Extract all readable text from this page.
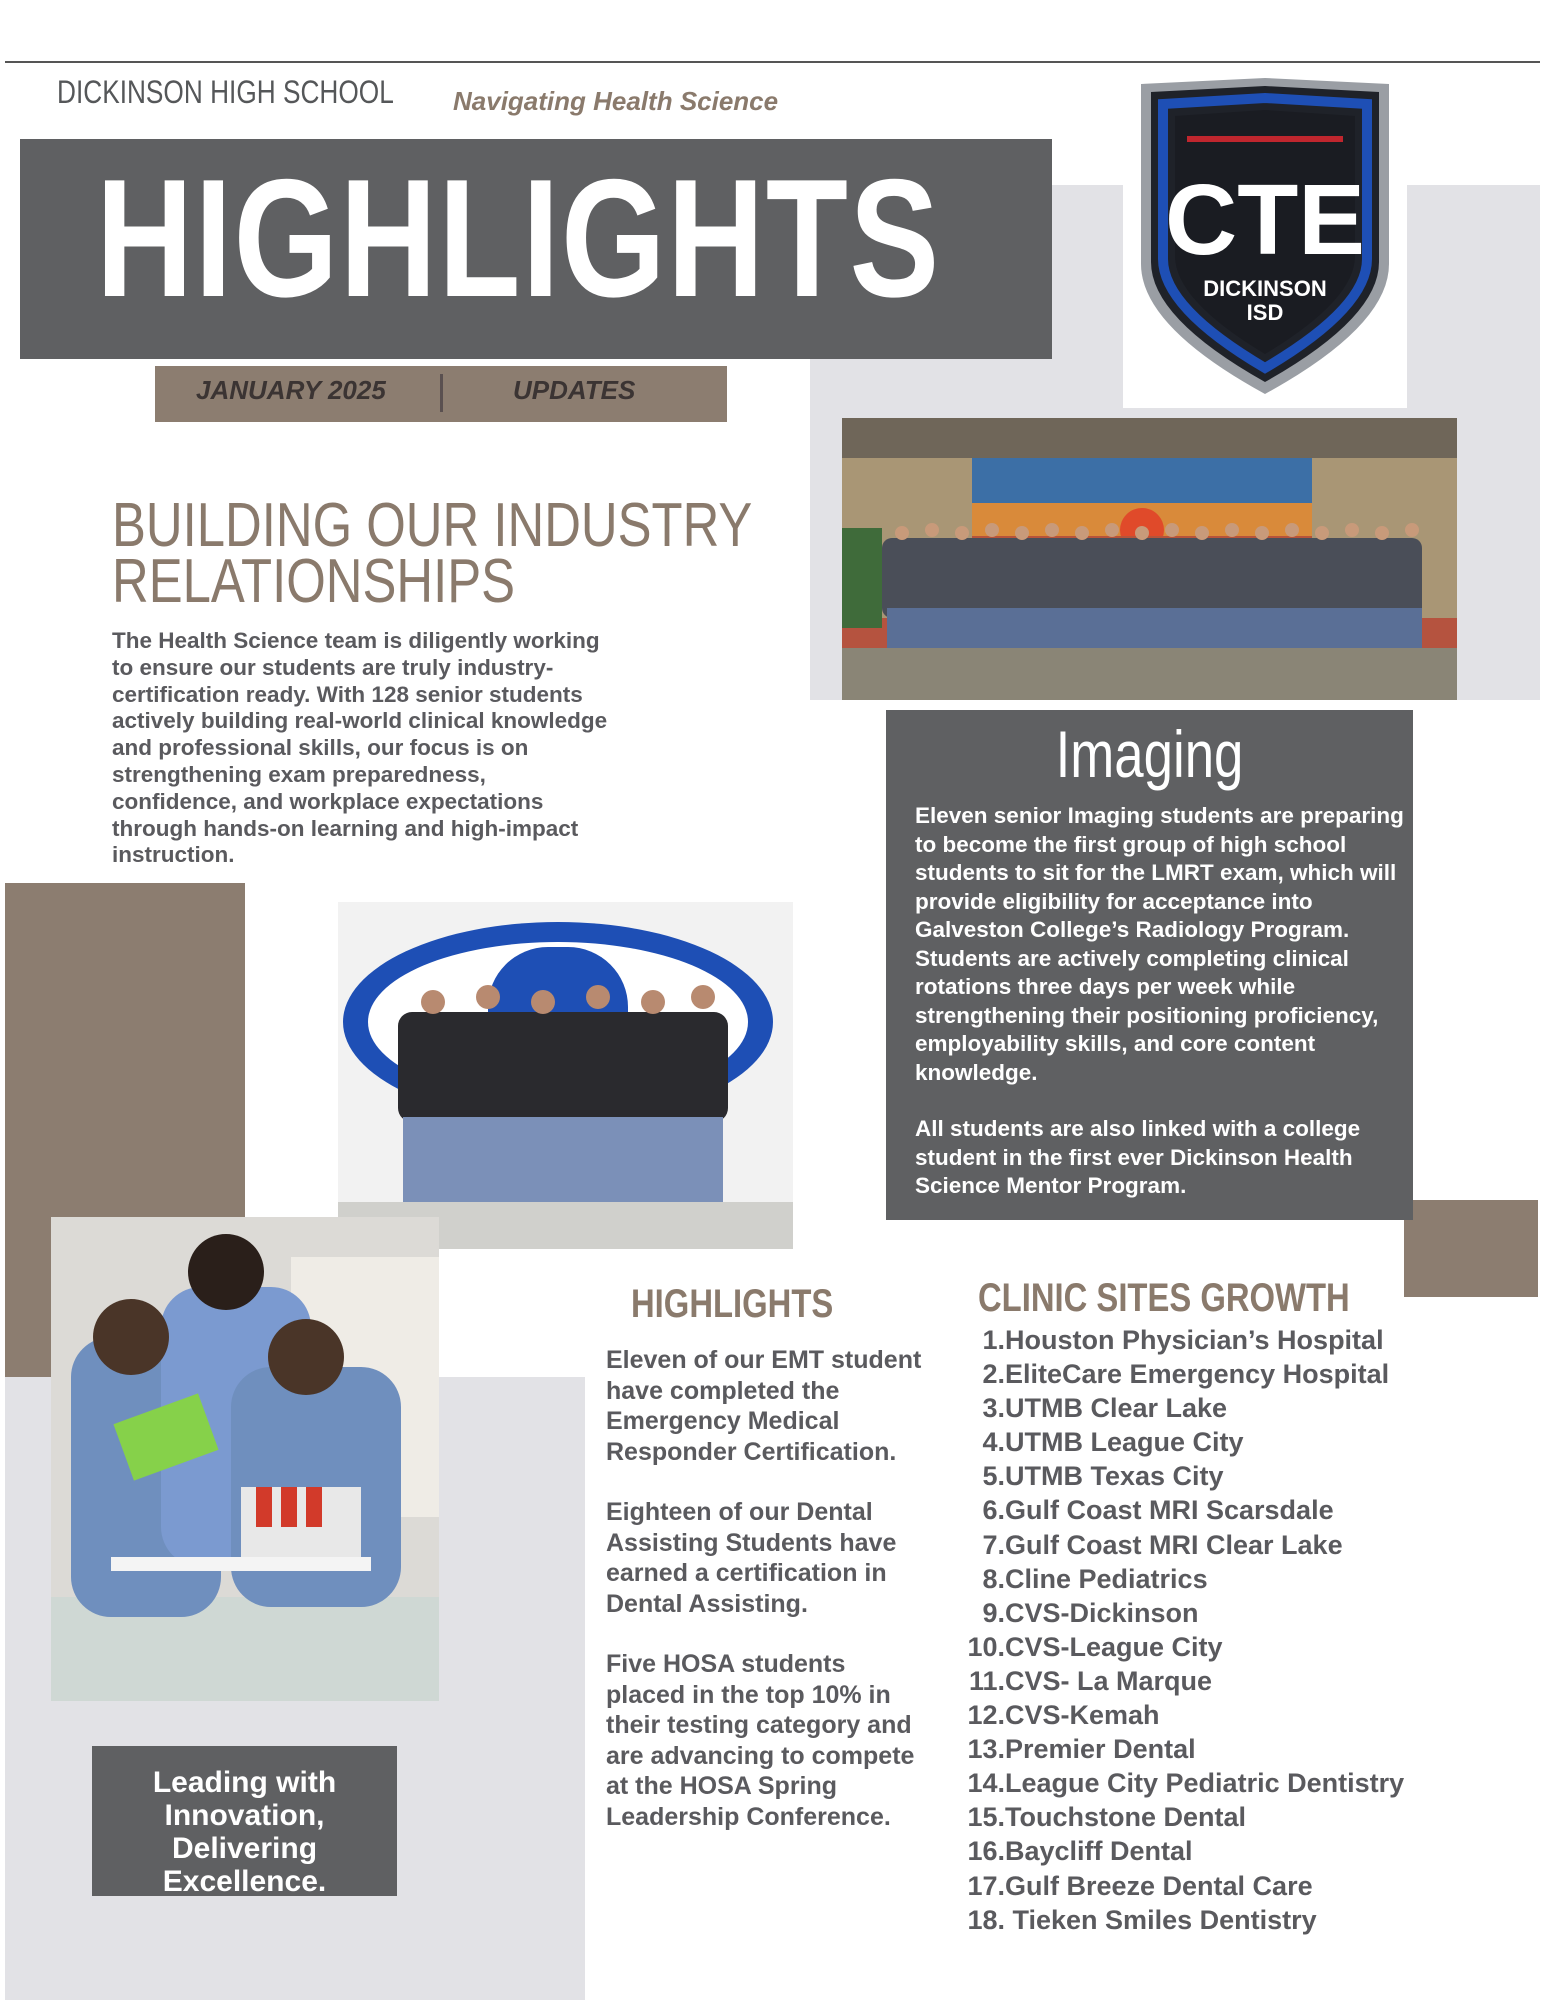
DICKINSON HIGH SCHOOL Navigating Health Science
HIGHLIGHTS
JANUARY 2025	UPDATES
CTE
DICKINSON
ISD
Imaging

Eleven senior Imaging students are preparing to become the first group of high school students to sit for the LMRT exam, which will provide eligibility for acceptance into Galveston College’s Radiology Program. Students are actively completing clinical rotations three days per week while strengthening their positioning proficiency, employability skills, and core content knowledge.

All students are also linked with a college student in the first ever Dickinson Health Science Mentor Program.

BUILDING OUR INDUSTRY
RELATIONSHIPS
The Health Science team is diligently working to ensure our students are truly industry-certification ready. With 128 senior students actively building real-world clinical knowledge and professional skills, our focus is on strengthening exam preparedness, confidence, and workplace expectations through hands-on learning and high-impact instruction.
Leading with
Innovation, Delivering
Excellence.
HIGHLIGHTS

Eleven of our EMT student have completed the Emergency Medical Responder Certification.

Eighteen of our Dental Assisting Students have earned a certification in Dental Assisting.

Five HOSA students placed in the top 10% in their testing category and are advancing to compete at the HOSA Spring Leadership Conference.

CLINIC SITES GROWTH
1.Houston Physician’s Hospital
2.EliteCare Emergency Hospital
3.UTMB Clear Lake
4.UTMB League City
5.UTMB Texas City
6.Gulf Coast MRI Scarsdale
7.Gulf Coast MRI Clear Lake
8.Cline Pediatrics
9.CVS-Dickinson
10.CVS-League City
11.CVS- La Marque
12.CVS-Kemah
13.Premier Dental
14.League City Pediatric Dentistry
15.Touchstone Dental
16.Baycliff Dental
17.Gulf Breeze Dental Care
18. Tieken Smiles Dentistry
